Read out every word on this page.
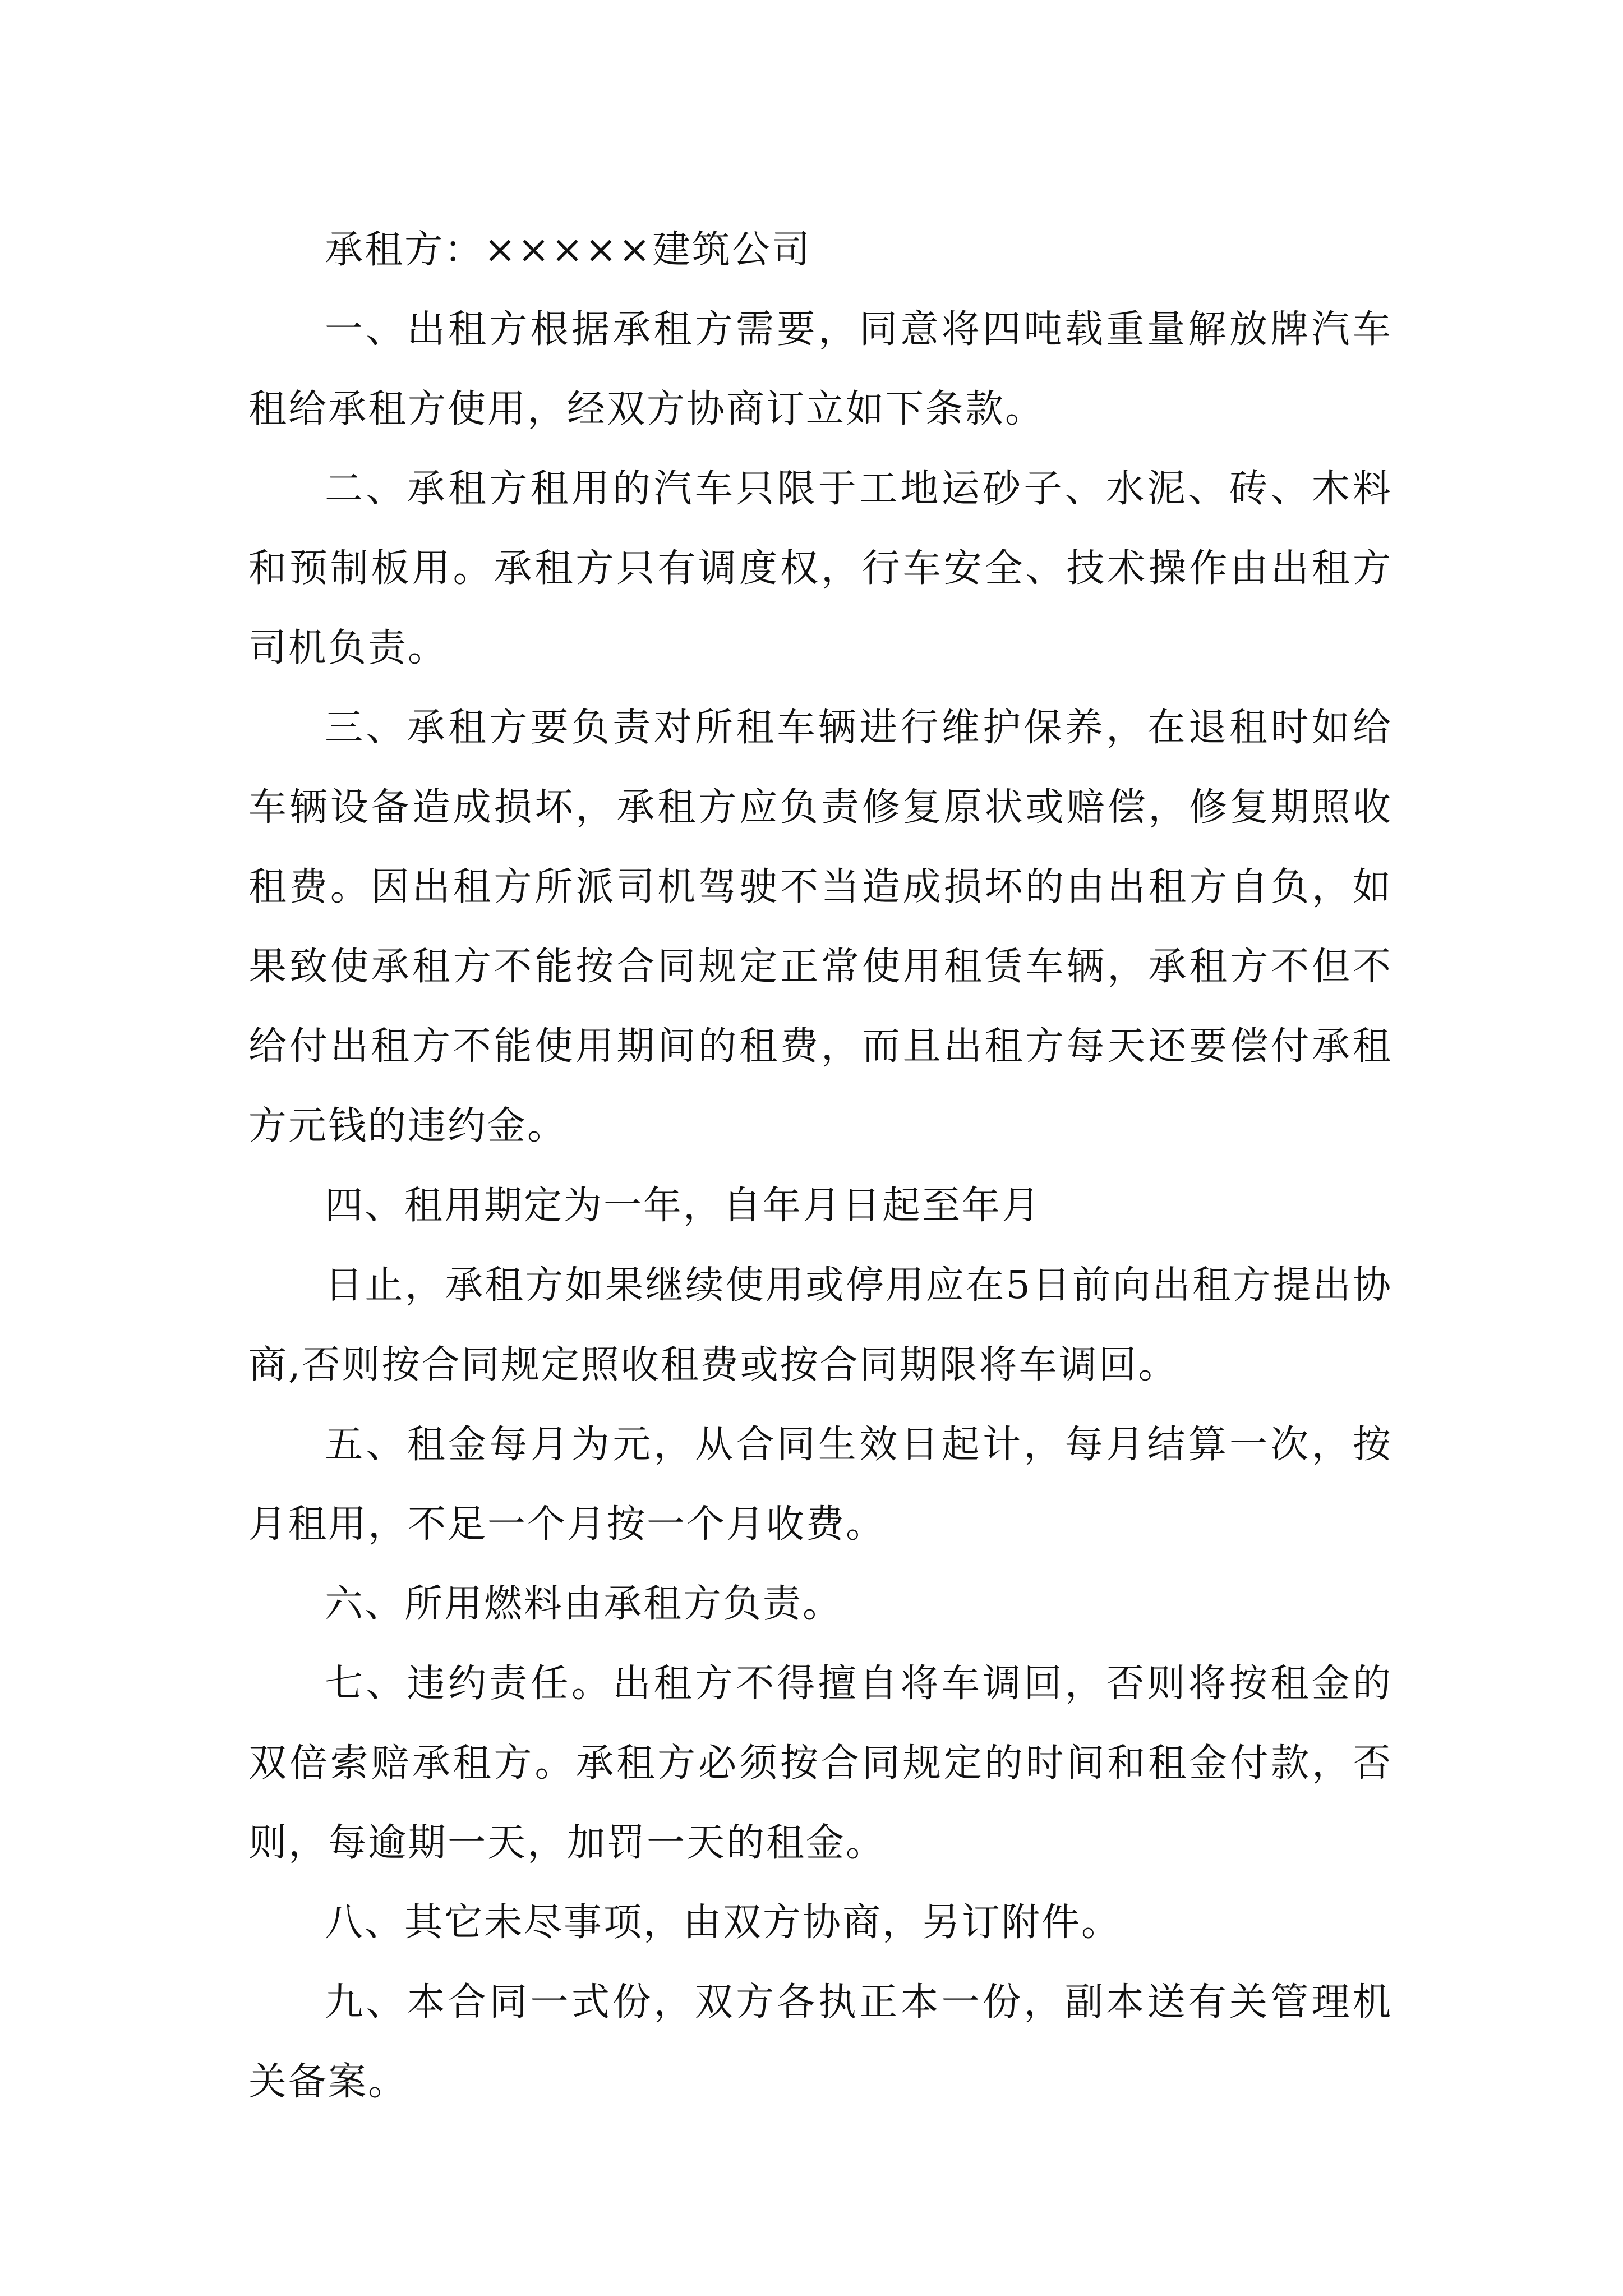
承租方：×××××建筑公司

一、出租方根据承租方需要，同意将四吨载重量解放牌汽车租给承租方使用，经双方协商订立如下条款。

二、承租方租用的汽车只限于工地运砂子、水泥、砖、木料和预制板用。承租方只有调度权，行车安全、技术操作由出租方司机负责。

三、承租方要负责对所租车辆进行维护保养，在退租时如给车辆设备造成损坏，承租方应负责修复原状或赔偿，修复期照收租费。因出租方所派司机驾驶不当造成损坏的由出租方自负，如果致使承租方不能按合同规定正常使用租赁车辆，承租方不但不给付出租方不能使用期间的租费，而且出租方每天还要偿付承租方元钱的违约金。

四、租用期定为一年，自年月日起至年月

日止，承租方如果继续使用或停用应在5日前向出租方提出协商,否则按合同规定照收租费或按合同期限将车调回。

五、租金每月为元，从合同生效日起计，每月结算一次，按月租用，不足一个月按一个月收费。

六、所用燃料由承租方负责。

七、违约责任。出租方不得擅自将车调回，否则将按租金的双倍索赔承租方。承租方必须按合同规定的时间和租金付款，否则，每逾期一天，加罚一天的租金。

八、其它未尽事项，由双方协商，另订附件。

九、本合同一式份，双方各执正本一份，副本送有关管理机关备案。
